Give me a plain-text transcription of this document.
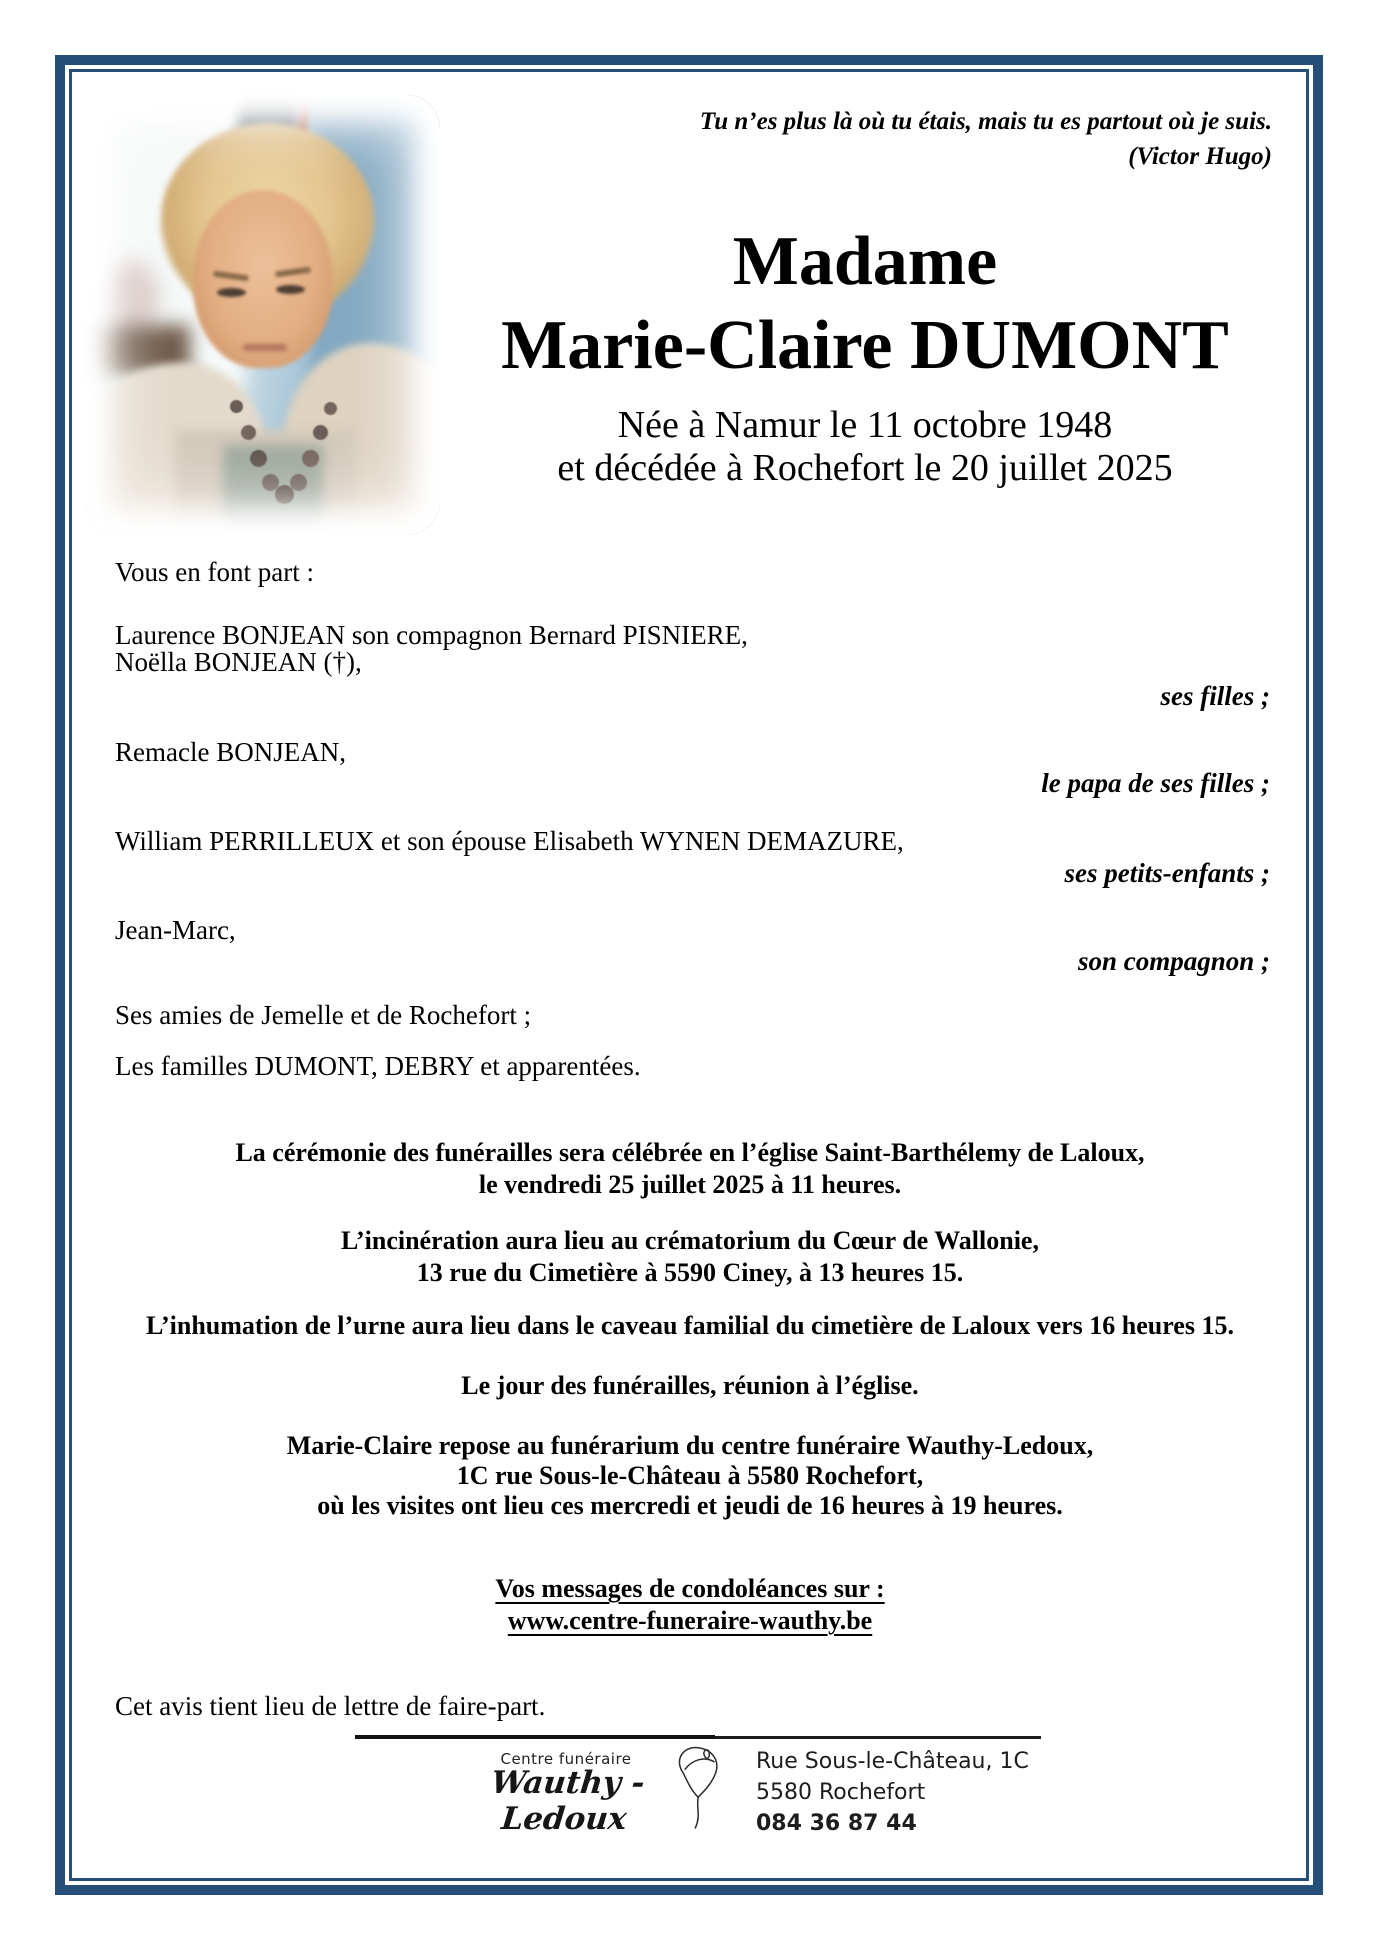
Tu n’es plus là où tu étais, mais tu es partout où je suis.
(Victor Hugo)
Madame
Marie-Claire DUMONT
Née à Namur le 11 octobre 1948
et décédée à Rochefort le 20 juillet 2025
Vous en font part :
Laurence BONJEAN son compagnon Bernard PISNIERE,
Noëlla BONJEAN (†),
ses filles ;
Remacle BONJEAN,
le papa de ses filles ;
William PERRILLEUX et son épouse Elisabeth WYNEN DEMAZURE,
ses petits-enfants ;
Jean-Marc,
son compagnon ;
Ses amies de Jemelle et de Rochefort ;
Les familles DUMONT, DEBRY et apparentées.
La cérémonie des funérailles sera célébrée en l’église Saint-Barthélemy de Laloux,
le vendredi 25 juillet 2025 à 11 heures.
L’incinération aura lieu au crématorium du Cœur de Wallonie,
13 rue du Cimetière à 5590 Ciney, à 13 heures 15.
L’inhumation de l’urne aura lieu dans le caveau familial du cimetière de Laloux vers 16 heures 15.
Le jour des funérailles, réunion à l’église.
Marie-Claire repose au funérarium du centre funéraire Wauthy-Ledoux,
1C rue Sous-le-Château à 5580 Rochefort,
où les visites ont lieu ces mercredi et jeudi de 16 heures à 19 heures.
Vos messages de condoléances sur :
www.centre-funeraire-wauthy.be
Cet avis tient lieu de lettre de faire-part.
Centre funéraire
Wauthy - Ledoux
Rue Sous-le-Château, 1C
5580 Rochefort
084 36 87 44
